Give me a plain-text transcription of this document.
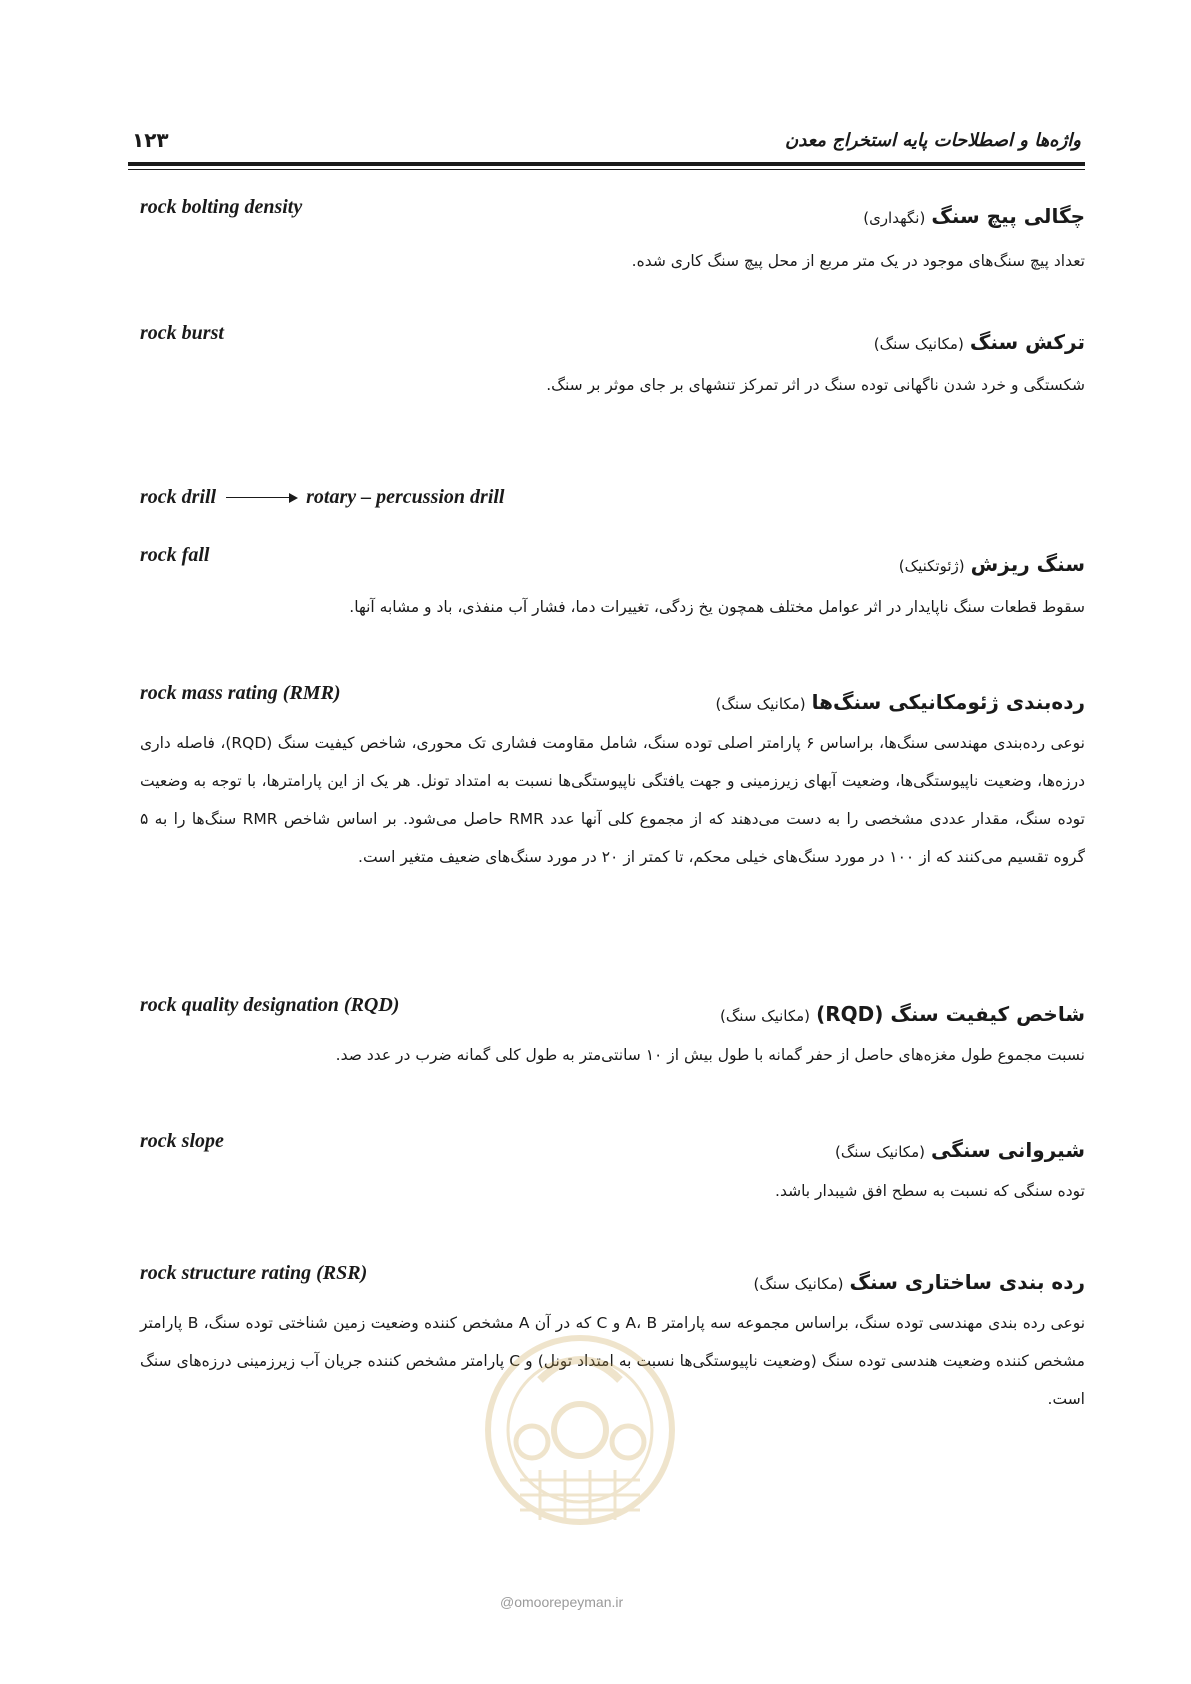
۱۲۳	واژه‌ها و اصطلاحات پایه استخراج معدن
rock bolting density	چگالی پیچ سنگ (نگهداری)
تعداد پیچ سنگ‌های موجود در یک متر مربع از محل پیچ سنگ کاری شده.
rock burst	ترکش سنگ (مکانیک سنگ)
شکستگی و خرد شدن ناگهانی توده سنگ در اثر تمرکز تنشهای بر جای موثر بر سنگ.
rock drill	rotary – percussion drill
rock fall	سنگ ریزش (ژئوتکنیک)
سقوط قطعات سنگ ناپایدار در اثر عوامل مختلف همچون یخ زدگی، تغییرات دما، فشار آب منفذی، باد و مشابه آنها.
rock mass rating (RMR)	رده‌بندی ژئومکانیکی سنگ‌ها (مکانیک سنگ)
نوعی رده‌بندی مهندسی سنگ‌ها، براساس ۶ پارامتر اصلی توده سنگ، شامل مقاومت فشاری تک محوری، شاخص کیفیت سنگ (RQD)، فاصله داری درزه‌ها، وضعیت ناپیوستگی‌ها، وضعیت آبهای زیرزمینی و جهت یافتگی ناپیوستگی‌ها نسبت به امتداد تونل. هر یک از این پارامترها، با توجه به وضعیت توده سنگ، مقدار عددی مشخصی را به دست می‌دهند که از مجموع کلی آنها عدد RMR حاصل می‌شود. بر اساس شاخص RMR سنگ‌ها را به ۵ گروه تقسیم می‌کنند که از ۱۰۰ در مورد سنگ‌های خیلی محکم، تا کمتر از ۲۰ در مورد سنگ‌های ضعیف متغیر است.
rock quality designation (RQD)	شاخص کیفیت سنگ (RQD) (مکانیک سنگ)
نسبت مجموع طول مغزه‌های حاصل از حفر گمانه با طول بیش از ۱۰ سانتی‌متر به طول کلی گمانه ضرب در عدد صد.
rock slope	شیروانی سنگی (مکانیک سنگ)
توده سنگی که نسبت به سطح افق شیبدار باشد.
rock structure rating (RSR)	رده بندی ساختاری سنگ (مکانیک سنگ)
نوعی رده بندی مهندسی توده سنگ، براساس مجموعه سه پارامتر A، B و C که در آن A مشخص کننده وضعیت زمین شناختی توده سنگ، B پارامتر مشخص کننده وضعیت هندسی توده سنگ (وضعیت ناپیوستگی‌ها نسبت به امتداد تونل) و C پارامتر مشخص کننده جریان آب زیرزمینی درزه‌های سنگ است.
@omoorepeyman.ir
